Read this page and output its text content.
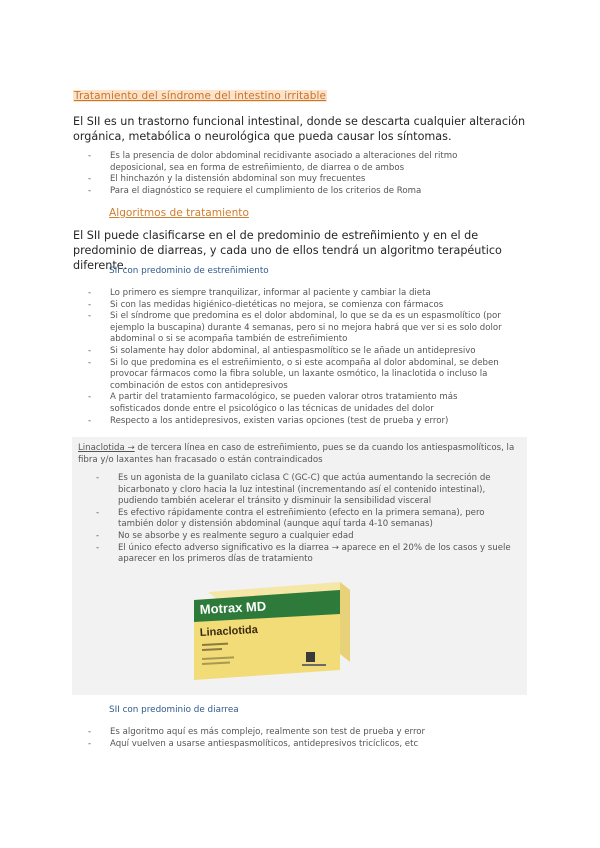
Tratamiento del síndrome del intestino irritable
El SII es un trastorno funcional intestinal, donde se descarta cualquier alteración orgánica, metabólica o neurológica que pueda causar los síntomas.
- Es la presencia de dolor abdominal recidivante asociado a alteraciones del ritmo deposicional, sea en forma de estreñimiento, de diarrea o de ambos
- El hinchazón y la distensión abdominal son muy frecuentes
- Para el diagnóstico se requiere el cumplimiento de los criterios de Roma
Algoritmos de tratamiento
El SII puede clasificarse en el de predominio de estreñimiento y en el de predominio de diarreas, y cada uno de ellos tendrá un algoritmo terapéutico diferente.
SII con predominio de estreñimiento
- Lo primero es siempre tranquilizar, informar al paciente y cambiar la dieta
- Si con las medidas higiénico-dietéticas no mejora, se comienza con fármacos
- Si el síndrome que predomina es el dolor abdominal, lo que se da es un espasmolítico (por ejemplo la buscapina) durante 4 semanas, pero si no mejora habrá que ver si es solo dolor abdominal o si se acompaña también de estreñimiento
- Si solamente hay dolor abdominal, al antiespasmolítico se le añade un antidepresivo
- Si lo que predomina es el estreñimiento, o si este acompaña al dolor abdominal, se deben provocar fármacos como la fibra soluble, un laxante osmótico, la linaclotida o incluso la combinación de estos con antidepresivos
- A partir del tratamiento farmacológico, se pueden valorar otros tratamiento más sofisticados donde entre el psicológico o las técnicas de unidades del dolor
- Respecto a los antidepresivos, existen varias opciones (test de prueba y error)
Linaclotida → de tercera línea en caso de estreñimiento, pues se da cuando los antiespasmolíticos, la fibra y/o laxantes han fracasado o están contraindicados
- Es un agonista de la guanilato ciclasa C (GC-C) que actúa aumentando la secreción de bicarbonato y cloro hacia la luz intestinal (incrementando así el contenido intestinal), pudiendo también acelerar el tránsito y disminuir la sensibilidad visceral
- Es efectivo rápidamente contra el estreñimiento (efecto en la primera semana), pero también dolor y distensión abdominal (aunque aquí tarda 4-10 semanas)
- No se absorbe y es realmente seguro a cualquier edad
- El único efecto adverso significativo es la diarrea → aparece en el 20% de los casos y suele aparecer en los primeros días de tratamiento
Motrax MD
Linaclotida
SII con predominio de diarrea
- Es algoritmo aquí es más complejo, realmente son test de prueba y error
- Aquí vuelven a usarse antiespasmolíticos, antidepresivos tricíclicos, etc
